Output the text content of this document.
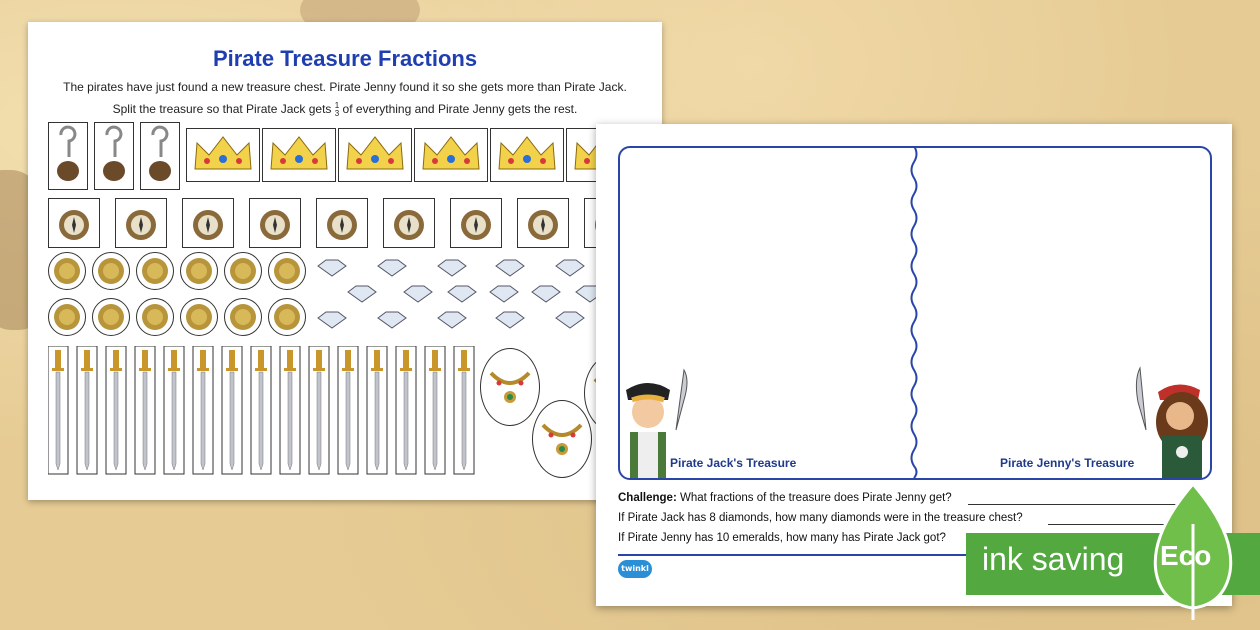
Pirate Treasure Fractions
The pirates have just found a new treasure chest. Pirate Jenny found it so she gets more than Pirate Jack.
Split the treasure so that Pirate Jack gets 1
3 of everything and Pirate Jenny gets the rest.
Pirate Jack's Treasure	Pirate Jenny's Treasure
Challenge: What fractions of the treasure does Pirate Jenny get?
If Pirate Jack has 8 diamonds, how many diamonds were in the treasure chest?
If Pirate Jenny has 10 emeralds, how many has Pirate Jack got?
twinkl	ink saving Eco
